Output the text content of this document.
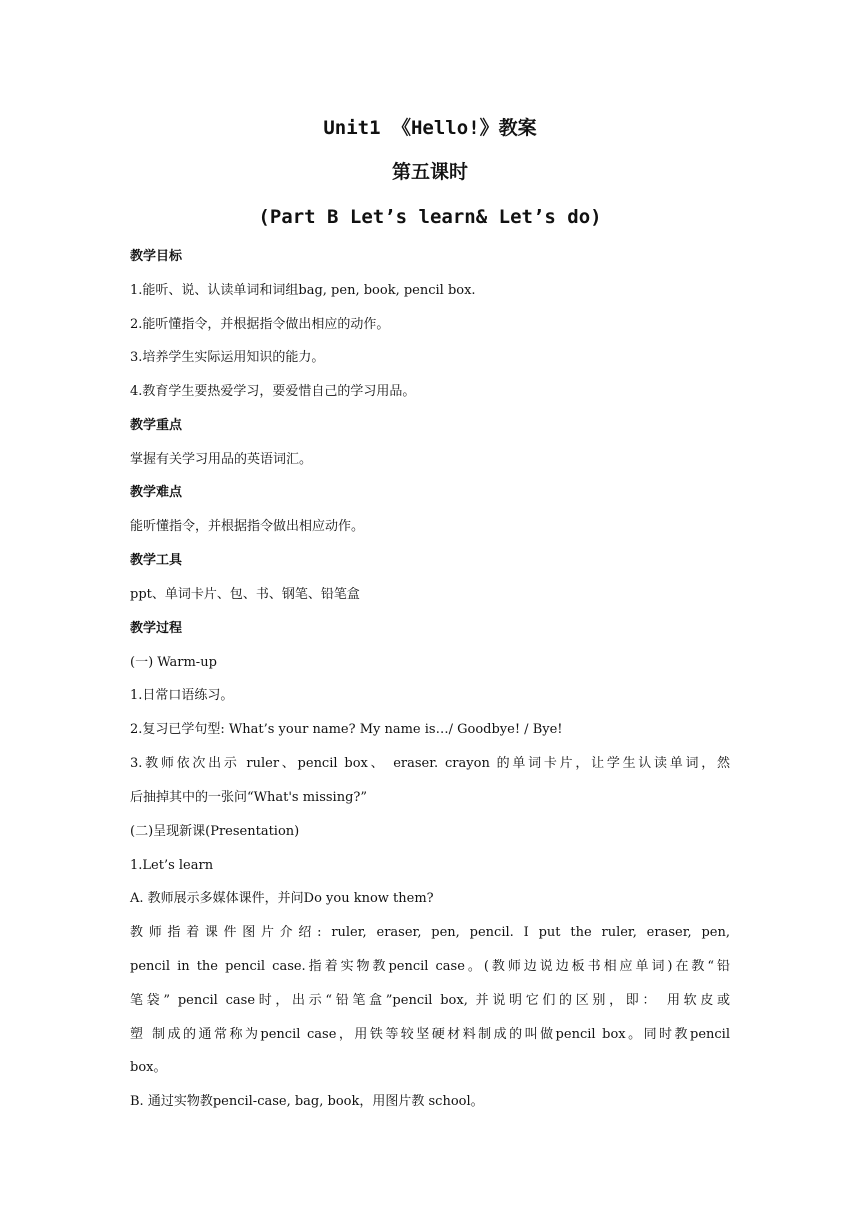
Unit1 《Hello!》教案
第五课时
(Part B Let’s learn& Let’s do)
教学目标
1.能听、说、认读单词和词组bag, pen, book, pencil box.
2.能听懂指令，并根据指令做出相应的动作。
3.培养学生实际运用知识的能力。
4.教育学生要热爱学习，要爱惜自己的学习用品。
教学重点
掌握有关学习用品的英语词汇。
教学难点
能听懂指令，并根据指令做出相应动作。
教学工具
ppt、单词卡片、包、书、钢笔、铅笔盒
教学过程
(一) Warm-up
1.日常口语练习。
2.复习已学句型: What’s your name? My name is…/ Goodbye! / Bye!
3.教师依次出示 ruler、pencil box、 eraser. crayon 的单词卡片，让学生认读单词，然
后抽掉其中的一张问“What's missing?”
(二)呈现新课(Presentation)
1.Let’s learn
A. 教师展示多媒体课件，并问Do you know them?
教师指着课件图片介绍: ruler, eraser, pen, pencil. I put the ruler, eraser, pen,
pencil in the pencil case.指着实物教pencil case。(教师边说边板书相应单词)在教“铅
笔袋” pencil case时，出示“铅笔盒”pencil box, 并说明它们的区别，即： 用软皮或
塑 制成的通常称为pencil case，用铁等较坚硬材料制成的叫做pencil box。同时教pencil
box。
B. 通过实物教pencil-case, bag, book，用图片教 school。
